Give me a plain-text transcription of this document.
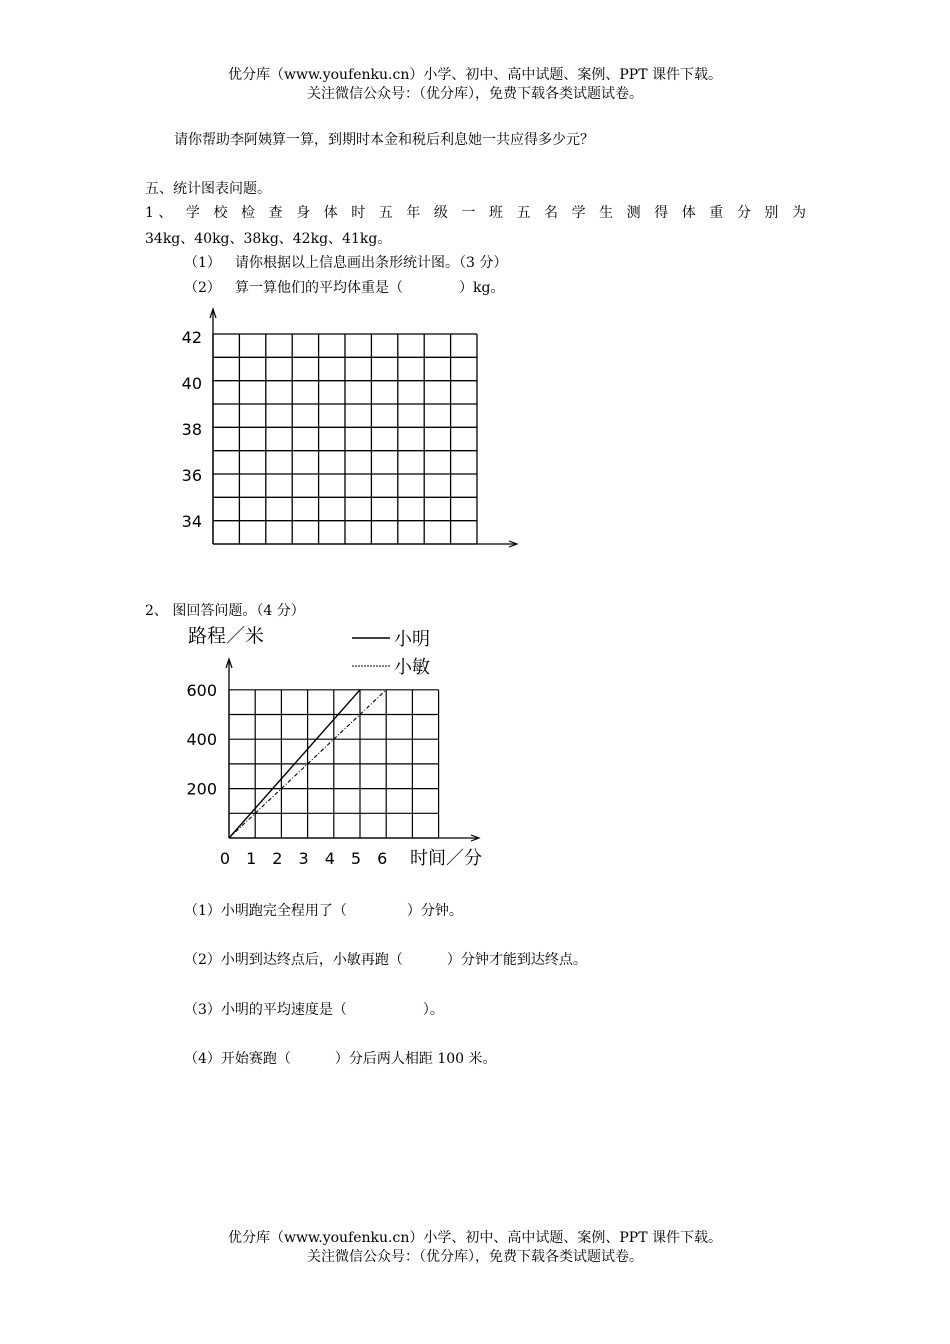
优分库（www.youfenku.cn）小学、初中、高中试题、案例、PPT 课件下载。
关注微信公众号：（优分库），免费下载各类试题试卷。
请你帮助李阿姨算一算，到期时本金和税后利息她一共应得多少元？
五、统计图表问题。
1 、 学 校 检 查 身 体 时 五 年 级 一 班 五 名 学 生 测 得 体 重 分 别 为
34kg、40kg、38kg、42kg、41kg。
（1） 请你根据以上信息画出条形统计图。（3 分）
（2） 算一算他们的平均体重是（	）kg。
42
40
38
36
34
2、 图回答问题。（4 分）
路程／米
时间／分
0 1 2 3 4 5 6
600
400
200
小明
小敏
（1）小明跑完全程用了（	）分钟。
（2）小明到达终点后，小敏再跑（	）分钟才能到达终点。
（3）小明的平均速度是（	）。
（4）开始赛跑（	）分后两人相距 100 米。
优分库（www.youfenku.cn）小学、初中、高中试题、案例、PPT 课件下载。
关注微信公众号：（优分库），免费下载各类试题试卷。
